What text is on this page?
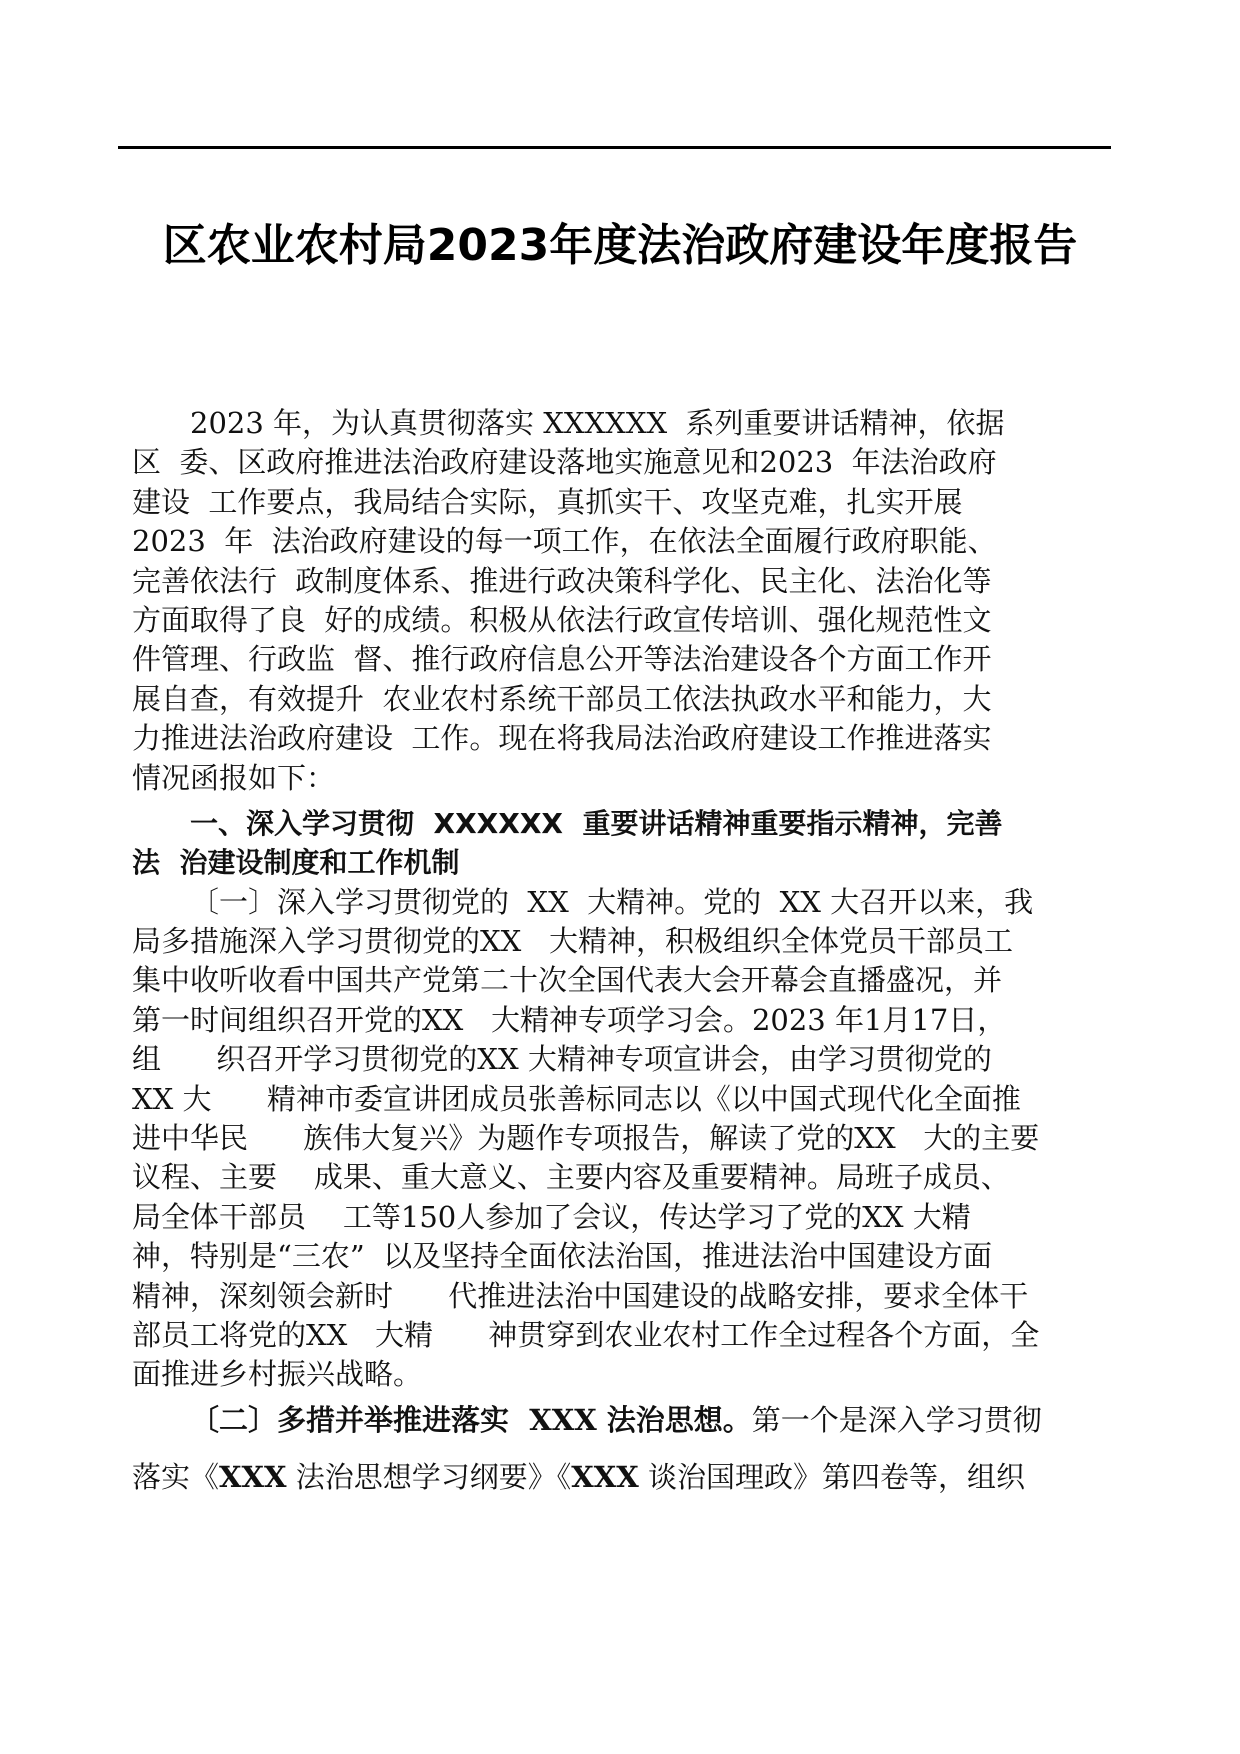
区农业农村局2023年度法治政府建设年度报告
2023 年，为认真贯彻落实 XXXXXX  系列重要讲话精神，依据
区  委、区政府推进法治政府建设落地实施意见和2023  年法治政府
建设  工作要点，我局结合实际，真抓实干、攻坚克难，扎实开展
2023  年  法治政府建设的每一项工作，在依法全面履行政府职能、
完善依法行  政制度体系、推进行政决策科学化、民主化、法治化等
方面取得了良  好的成绩。积极从依法行政宣传培训、强化规范性文
件管理、行政监  督、推行政府信息公开等法治建设各个方面工作开
展自查，有效提升  农业农村系统干部员工依法执政水平和能力，大
力推进法治政府建设  工作。现在将我局法治政府建设工作推进落实
情况函报如下：
一、深入学习贯彻  XXXXXX  重要讲话精神重要指示精神，完善
法  治建设制度和工作机制
〔一〕深入学习贯彻党的  XX  大精神。党的  XX 大召开以来，我
局多措施深入学习贯彻党的XX   大精神，积极组织全体党员干部员工
集中收听收看中国共产党第二十次全国代表大会开幕会直播盛况，并
第一时间组织召开党的XX   大精神专项学习会。2023 年1月17日，
组      织召开学习贯彻党的XX 大精神专项宣讲会，由学习贯彻党的
XX 大      精神市委宣讲团成员张善标同志以《以中国式现代化全面推
进中华民      族伟大复兴》为题作专项报告，解读了党的XX   大的主要
议程、主要    成果、重大意义、主要内容及重要精神。局班子成员、
局全体干部员    工等150人参加了会议，传达学习了党的XX 大精
神，特别是“三农”  以及坚持全面依法治国，推进法治中国建设方面
精神，深刻领会新时      代推进法治中国建设的战略安排，要求全体干
部员工将党的XX   大精      神贯穿到农业农村工作全过程各个方面，全
面推进乡村振兴战略。
〔二〕多措并举推进落实  XXX 法治思想。第一个是深入学习贯彻
落实《XXX 法治思想学习纲要》《XXX 谈治国理政》第四卷等，组织
